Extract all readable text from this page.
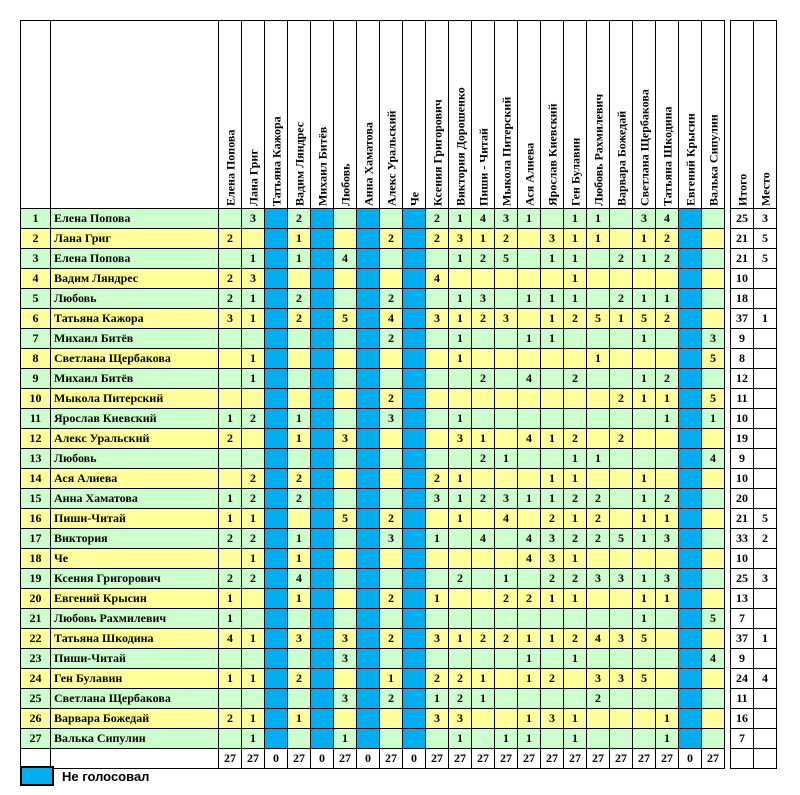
		Елена Попова	Лана Григ	Татьяна Кажора	Вадим Ляндрес	Михаил Битёв	Любовь	Анна Хаматова	Алекс Уральский	Че	Ксения Григорович	Виктория Дорошенко	Пиши - Читай	Мыкола Питерский	Ася Алиева	Ярослав Киевский	Ген Булавин	Любовь Рахмилевич	Варвара Божедай	Светлана Щербакова	Татьяна Шкодина	Евгений Крысин	Валька Сипулин		Итого	Место
1	Елена Попова		3		2						2	1	4	3	1		1	1		3	4				25	3
2	Лана Григ	2			1				2		2	3	1	2		3	1	1		1	2				21	5
3	Елена Попова		1		1		4					1	2	5		1	1		2	1	2				21	5
4	Вадим Ляндрес	2	3								4						1								10	
5	Любовь	2	1		2				2			1	3		1	1	1		2	1	1				18	
6	Татьяна Кажора	3	1		2		5		4		3	1	2	3		1	2	5	1	5	2				37	1
7	Михаил Битёв								2			1			1	1				1			3		9	
8	Светлана Щербакова		1									1						1					5		8	
9	Михаил Битёв		1										2		4		2			1	2				12	
10	Мыкола Питерский								2										2	1	1		5		11	
11	Ярослав Киевский	1	2		1				3			1									1		1		10	
12	Алекс Уральский	2			1		3					3	1		4	1	2		2						19	
13	Любовь												2	1			1	1					4		9	
14	Ася Алиева		2		2						2	1				1	1			1					10	
15	Анна Хаматова	1	2		2						3	1	2	3	1	1	2	2		1	2				20	
16	Пиши-Читай	1	1				5		2			1		4		2	1	2		1	1				21	5
17	Виктория	2	2		1				3		1		4		4	3	2	2	5	1	3				33	2
18	Че		1		1										4	3	1								10	
19	Ксения Григорович	2	2		4							2		1		2	2	3	3	1	3				25	3
20	Евгений Крысин	1			1				2		1			2	2	1	1			1	1				13	
21	Любовь Рахмилевич	1																		1			5		7	
22	Татьяна Шкодина	4	1		3		3		2		3	1	2	2	1	1	2	4	3	5					37	1
23	Пиши-Читай						3								1		1						4		9	
24	Ген Булавин	1	1		2				1		2	2	1		1	2		3	3	5					24	4
25	Светлана Щербакова						3		2		1	2	1					2							11	
26	Варвара Божедай	2	1		1						3	3			1	3	1				1				16	
27	Валька Сипулин		1				1					1		1	1		1				1				7	
		27	27	0	27	0	27	0	27	0	27	27	27	27	27	27	27	27	27	27	27	0	27			
Не голосовал
